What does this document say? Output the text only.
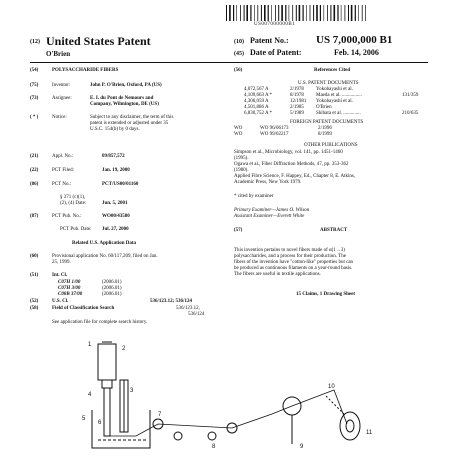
US007000000B1
(12) United States Patent
O'Brien
(10) Patent No.: US 7,000,000 B1
(45) Date of Patent:	Feb. 14, 2006
(54)	POLYSACCHARIDE FIBERS
(75)	Inventor:	John P. O'Brien, Oxford, PA (US)
(73)	Assignee:	E. I. du Pont de Nemours and
Company, Wilmington, DE (US)
( * )	Notice:	Subject to any disclaimer, the term of this
patent is extended or adjusted under 35
U.S.C. 154(b) by 0 days.
(21)	Appl. No.:	09/857,572
(22)	PCT Filed:	Jan. 19, 2000
(86)	PCT No.:	PCT/US00/01160
§ 371 (c)(1),
(2), (4) Date:	Jun. 5, 2001
(87)	PCT Pub. No.:	WO00/43580
PCT Pub. Date: Jul. 27, 2000
Related U.S. Application Data
(60)	Provisional application No. 60/117,209, filed on Jan.
25, 1999.
(51)	Int. Cl.
C07H 1/00	(2006.01)
C07H 3/00	(2006.01)
C08B 37/00	(2006.01)
(52)	U.S. Cl.	536/123.12; 536/124
(58)	Field of Classification Search	536/123.12,
536/124
See application file for complete search history.
(56)	References Cited
U.S. PATENT DOCUMENTS
4,072,567 A	2/1978 Yokobayashi et al.
4,109,663 A *	8/1978 Maeda et al. ................	131/359
4,306,059 A	12/1981 Yokobayashi et al.
4,501,886 A	2/1985 O'Brien
6,830,752 A *	5/1989 Shibata et al. ..............	210/635
FOREIGN PATENT DOCUMENTS
WO	WO 96/06173	2/1996
WO	WO 99/02217	8/1999
OTHER PUBLICATIONS
Simpson et al., Microbiology, vol. 141, pp. 1451-1460
(1995).
Ogawa et al., Fiber Diffraction Methods, 47, pp. 353-362
(1980).
Applied Fibre Science, F. Happey, Ed., Chapter 8, E. Atkins,
Academic Press, New York 1979.
* cited by examiner
Primary Examiner—James O. Wilson
Assistant Examiner—Everett White
(57)	ABSTRACT
This invention pertains to novel fibers made of α(1→3)
polysaccharides, and a process for their production. The
fibers of the invention have "cotton-like" properties but can
be produced as continuous filaments on a year-round basis.
The fibers are useful in textile applications.
15 Claims, 1 Drawing Sheet
1
2
3
4
5
6
7
8	9
10
11
